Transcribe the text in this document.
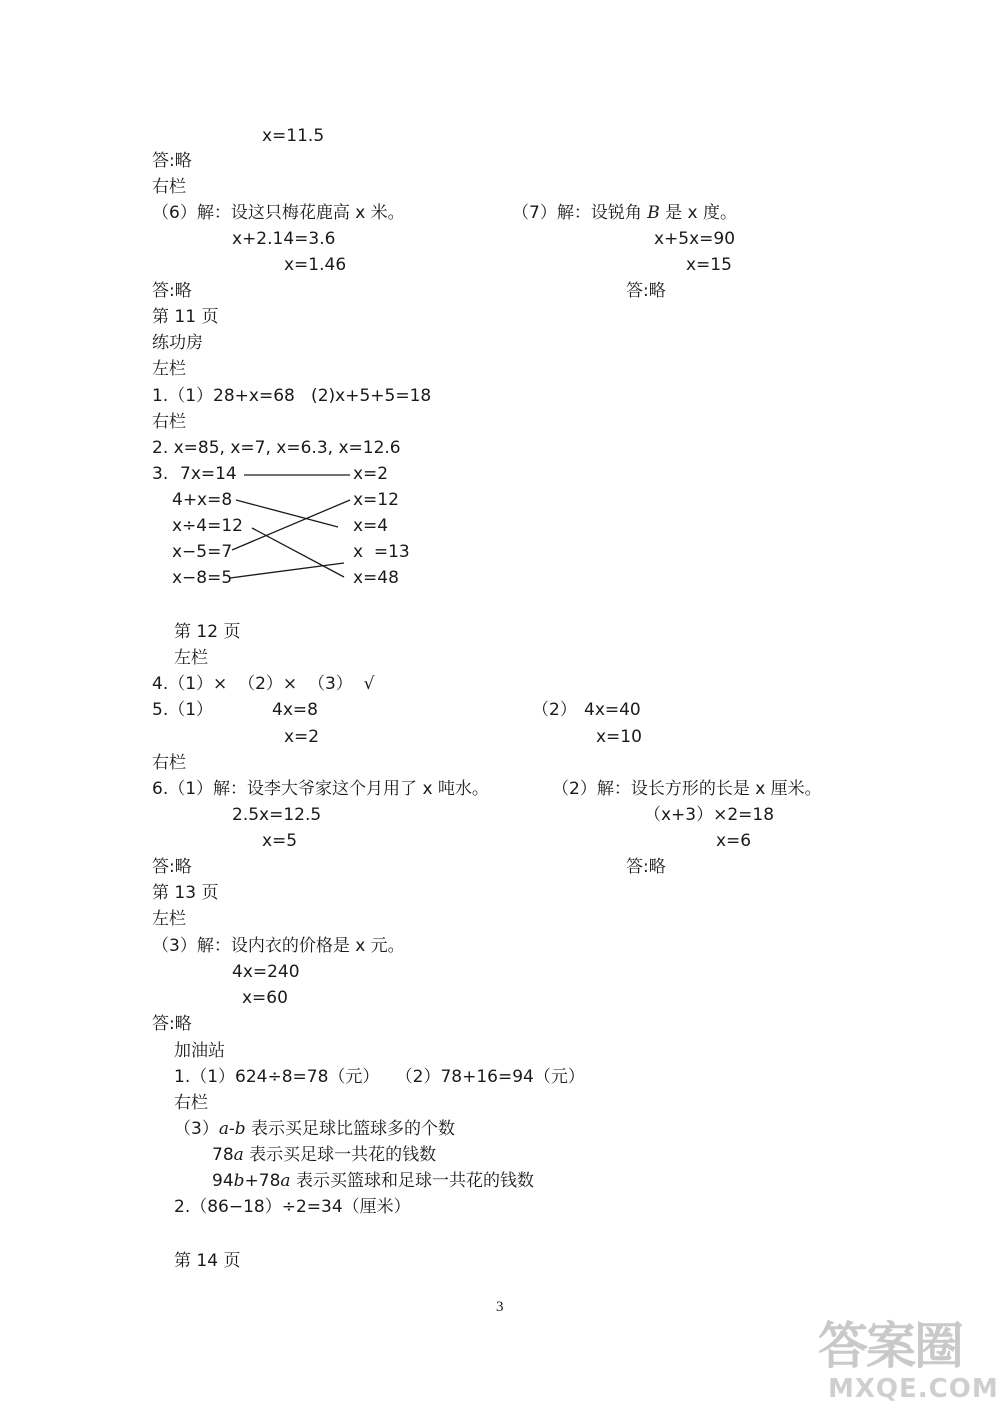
x=11.5
答:略
右栏
（6）解：设这只梅花鹿高 x 米。	（7）解：设锐角 B 是 x 度。
x+2.14=3.6	x+5x=90
x=1.46	x=15
答:略	答:略
第 11 页
练功房
左栏
1.（1）28+x=68   (2)x+5+5=18
右栏
2. x=85, x=7, x=6.3, x=12.6
3. 7x=14
4+x=8
x÷4=12
x−5=7
x−8=5
x=2
x=12
x=4
x  =13
x=48
第 12 页
左栏
4.（1）×  （2）×  （3）  √
5.（1）	4x=8	（2） 4x=40
x=2	x=10
右栏
6.（1）解：设李大爷家这个月用了 x 吨水。	（2）解：设长方形的长是 x 厘米。
2.5x=12.5	（x+3）×2=18
x=5	x=6
答:略	答:略
第 13 页
左栏
（3）解：设内衣的价格是 x 元。
4x=240
x=60
答:略
加油站
1.（1）624÷8=78（元）   （2）78+16=94（元）
右栏
（3）a-b 表示买足球比篮球多的个数
78a 表示买足球一共花的钱数
94b+78a 表示买篮球和足球一共花的钱数
2.（86−18）÷2=34（厘米）
第 14 页
3
答案圈
MXQE.COM
